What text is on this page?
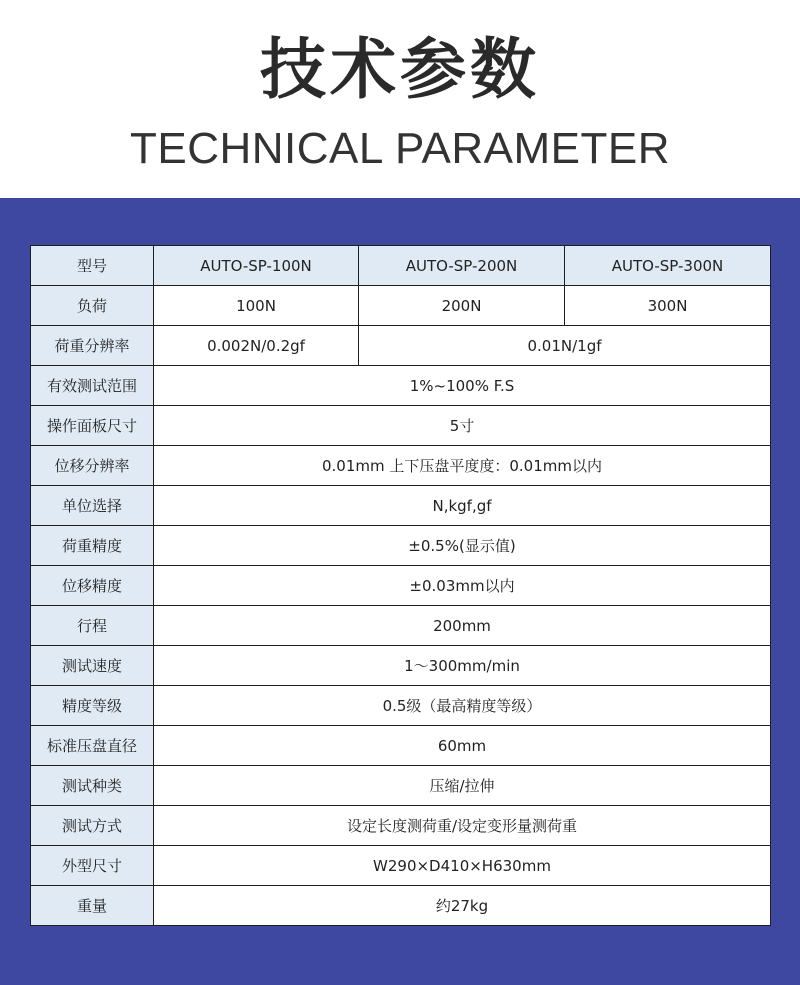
技术参数
TECHNICAL PARAMETER
型号	AUTO-SP-100N	AUTO-SP-200N	AUTO-SP-300N
负荷	100N	200N	300N
荷重分辨率	0.002N/0.2gf	0.01N/1gf	
有效测试范围	1%~100% F.S		
操作面板尺寸	5寸		
位移分辨率	0.01mm 上下压盘平度度：0.01mm以内		
单位选择	N,kgf,gf		
荷重精度	±0.5%(显示值)		
位移精度	±0.03mm以内		
行程	200mm		
测试速度	1～300mm/min		
精度等级	0.5级（最高精度等级）		
标准压盘直径	60mm		
测试种类	压缩/拉伸		
测试方式	设定长度测荷重/设定变形量测荷重		
外型尺寸	W290×D410×H630mm		
重量	约27kg		
